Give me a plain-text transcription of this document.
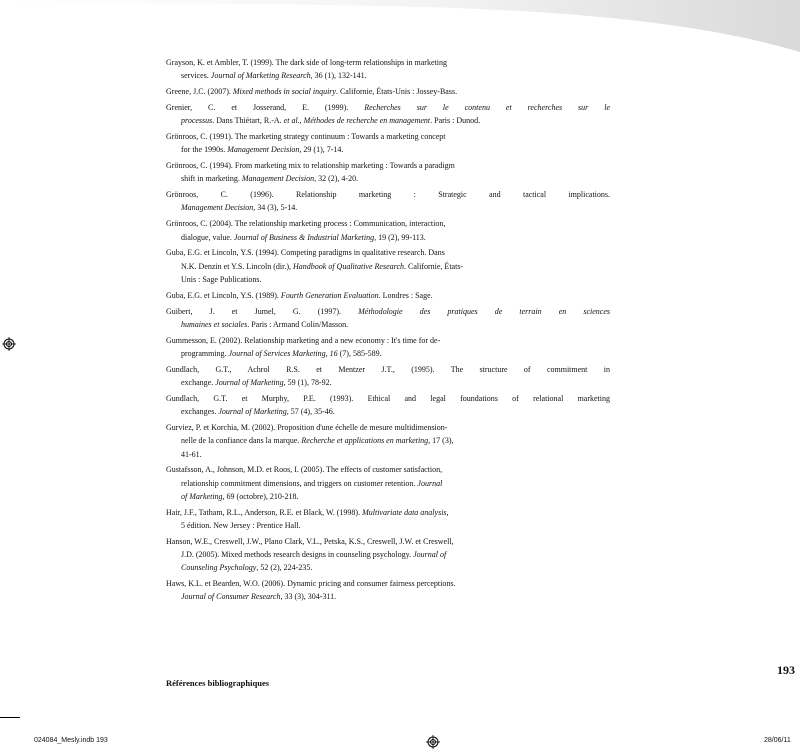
Grayson, K. et Ambler, T. (1999). The dark side of long-term relationships in marketing

services. Journal of Marketing Research, 36 (1), 132-141.

Greene, J.C. (2007). Mixed methods in social inquiry. Californie, États-Unis : Jossey-Bass.

Grenier, C. et Josserand, E. (1999). Recherches sur le contenu et recherches sur le

processus. Dans Thiétart, R.-A. et al., Méthodes de recherche en management. Paris : Dunod.

Grönroos, C. (1991). The marketing strategy continuum : Towards a marketing concept

for the 1990s. Management Decision, 29 (1), 7-14.

Grönroos, C. (1994). From marketing mix to relationship marketing : Towards a paradigm

shift in marketing. Management Decision, 32 (2), 4-20.

Grönroos, C. (1996). Relationship marketing : Strategic and tactical implications.

Management Decision, 34 (3), 5-14.

Grönroos, C. (2004). The relationship marketing process : Communication, interaction,

dialogue, value. Journal of Business & Industrial Marketing, 19 (2), 99-113.

Guba, E.G. et Lincoln, Y.S. (1994). Competing paradigms in qualitative research. Dans

N.K. Denzin et Y.S. Lincoln (dir.), Handbook of Qualitative Research. Californie, États-

Unis : Sage Publications.

Guba, E.G. et Lincoln, Y.S. (1989). Fourth Generation Evaluation. Londres : Sage.

Guibert, J. et Jumel, G. (1997). Méthodologie des pratiques de terrain en sciences

humaines et sociales. Paris : Armand Colin/Masson.

Gummesson, E. (2002). Relationship marketing and a new economy : It's time for de-

programming. Journal of Services Marketing, 16 (7), 585-589.

Gundlach, G.T., Achrol R.S. et Mentzer J.T., (1995). The structure of commitment in

exchange. Journal of Marketing, 59 (1), 78-92.

Gundlach, G.T. et Murphy, P.E. (1993). Ethical and legal foundations of relational marketing

exchanges. Journal of Marketing, 57 (4), 35-46.

Gurviez, P. et Korchia, M. (2002). Proposition d'une échelle de mesure multidimension-

nelle de la confiance dans la marque. Recherche et applications en marketing, 17 (3),

41-61.

Gustafsson, A., Johnson, M.D. et Roos, I. (2005). The effects of customer satisfaction,

relationship commitment dimensions, and triggers on customer retention. Journal

of Marketing, 69 (octobre), 210-218.

Hair, J.F., Tatham, R.L., Anderson, R.E. et Black, W. (1998). Multivariate data analysis,

5 édition. New Jersey : Prentice Hall.

Hanson, W.E., Creswell, J.W., Plano Clark, V.L., Petska, K.S., Creswell, J.W. et Creswell,

J.D. (2005). Mixed methods research designs in counseling psychology. Journal of

Counseling Psychology, 52 (2), 224-235.

Haws, K.L. et Bearden, W.O. (2006). Dynamic pricing and consumer fairness perceptions.

Journal of Consumer Research, 33 (3), 304-311.

193
Références bibliographiques
024084_Mesly.indb 193	28/06/11
